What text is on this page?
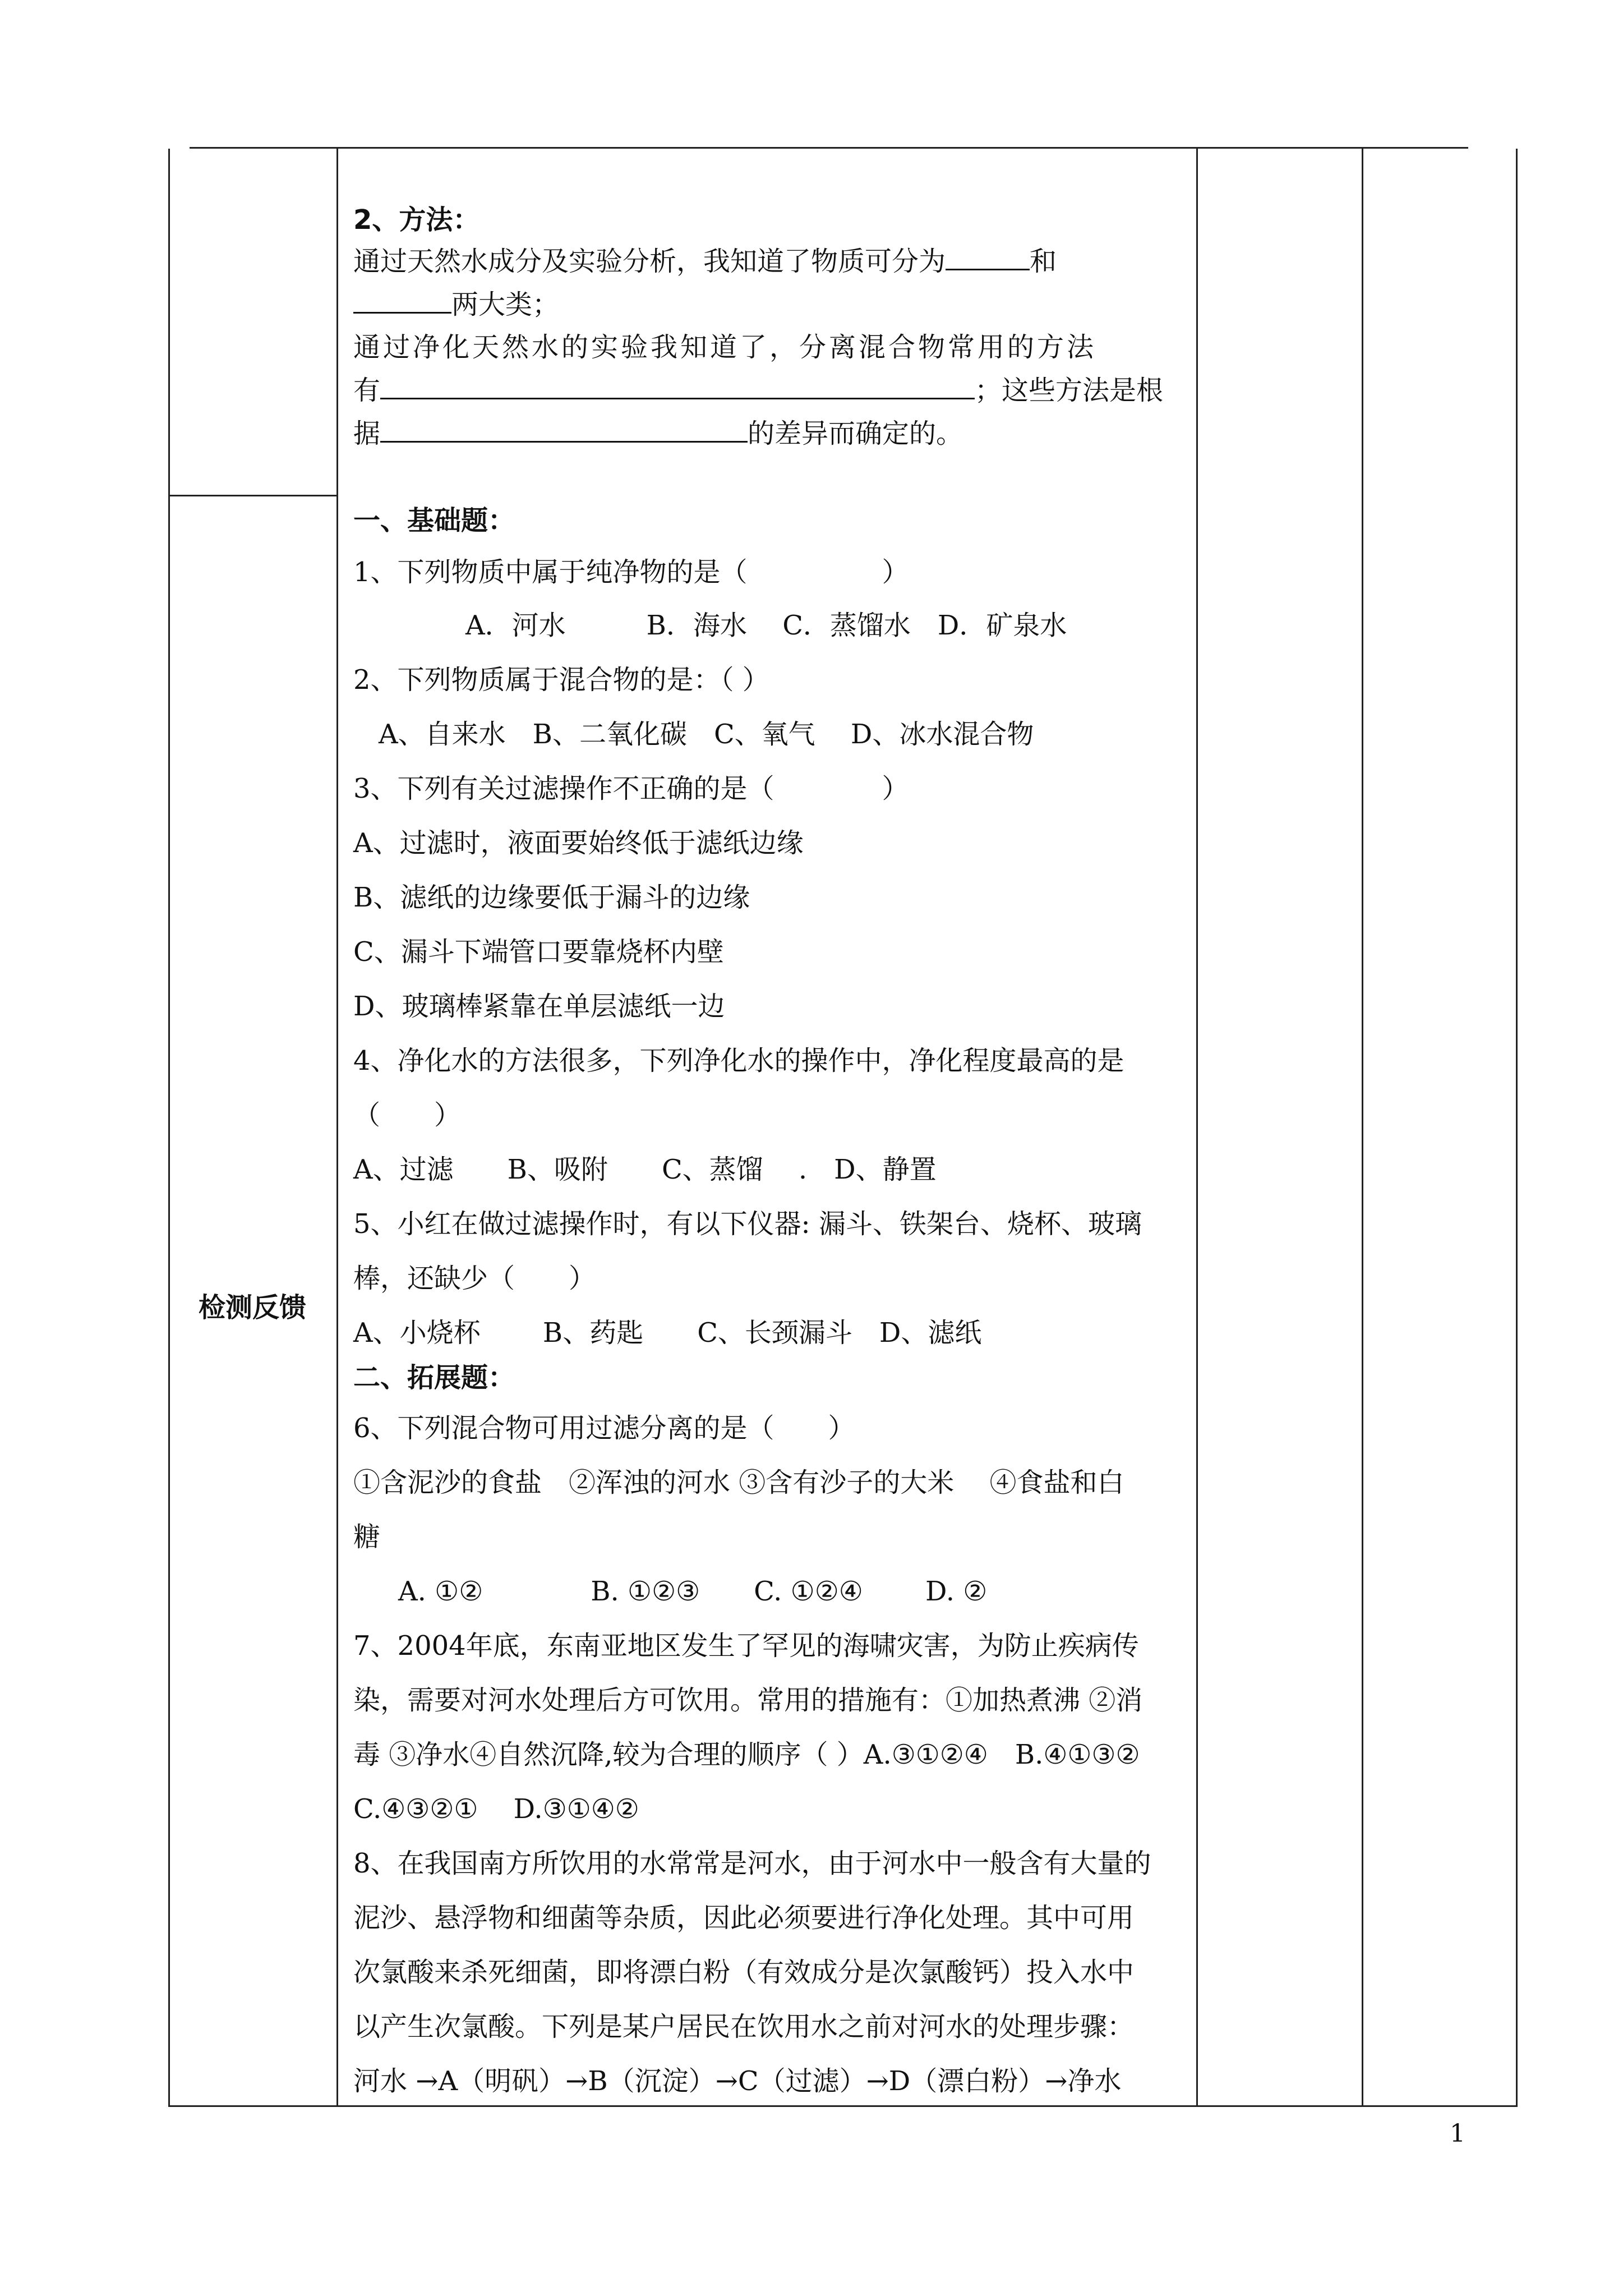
检测反馈
2、方法：
通过天然水成分及实验分析，我知道了物质可分为	和
两大类；
通过净化天然水的实验我知道了，分离混合物常用的方法
有	；这些方法是根
据	的差异而确定的。
一、基础题：
1、下列物质中属于纯净物的是（　　　　　）
A．河水　　　B．海水　 C．蒸馏水　D．矿泉水
2、下列物质属于混合物的是：（ ）
A、自来水　B、二氧化碳　C、氧气　 D、冰水混合物
3、下列有关过滤操作不正确的是（　　　　）
A、过滤时，液面要始终低于滤纸边缘
B、滤纸的边缘要低于漏斗的边缘
C、漏斗下端管口要靠烧杯内壁
D、玻璃棒紧靠在单层滤纸一边
4、净化水的方法很多，下列净化水的操作中，净化程度最高的是
（　　）
A、过滤　　B、吸附　　C、蒸馏　 .　D、静置
5、小红在做过滤操作时，有以下仪器: 漏斗、铁架台、烧杯、玻璃
棒，还缺少（　　）
A、小烧杯　　 B、药匙　　C、长颈漏斗　D、滤纸
二、拓展题：
6、下列混合物可用过滤分离的是（　　）
①含泥沙的食盐　②浑浊的河水 ③含有沙子的大米　 ④食盐和白
糖
A. ①②　　　　B. ①②③　　C. ①②④　　 D. ②
7、2004年底，东南亚地区发生了罕见的海啸灾害，为防止疾病传
染，需要对河水处理后方可饮用。常用的措施有：①加热煮沸 ②消
毒 ③净水④自然沉降,较为合理的顺序（ ）A.③①②④　B.④①③②
C.④③②①　 D.③①④②
8、在我国南方所饮用的水常常是河水，由于河水中一般含有大量的
泥沙、悬浮物和细菌等杂质，因此必须要进行净化处理。其中可用
次氯酸来杀死细菌，即将漂白粉（有效成分是次氯酸钙）投入水中
以产生次氯酸。下列是某户居民在饮用水之前对河水的处理步骤：
河水 →A（明矾）→B（沉淀）→C（过滤）→D（漂白粉）→净水
1
